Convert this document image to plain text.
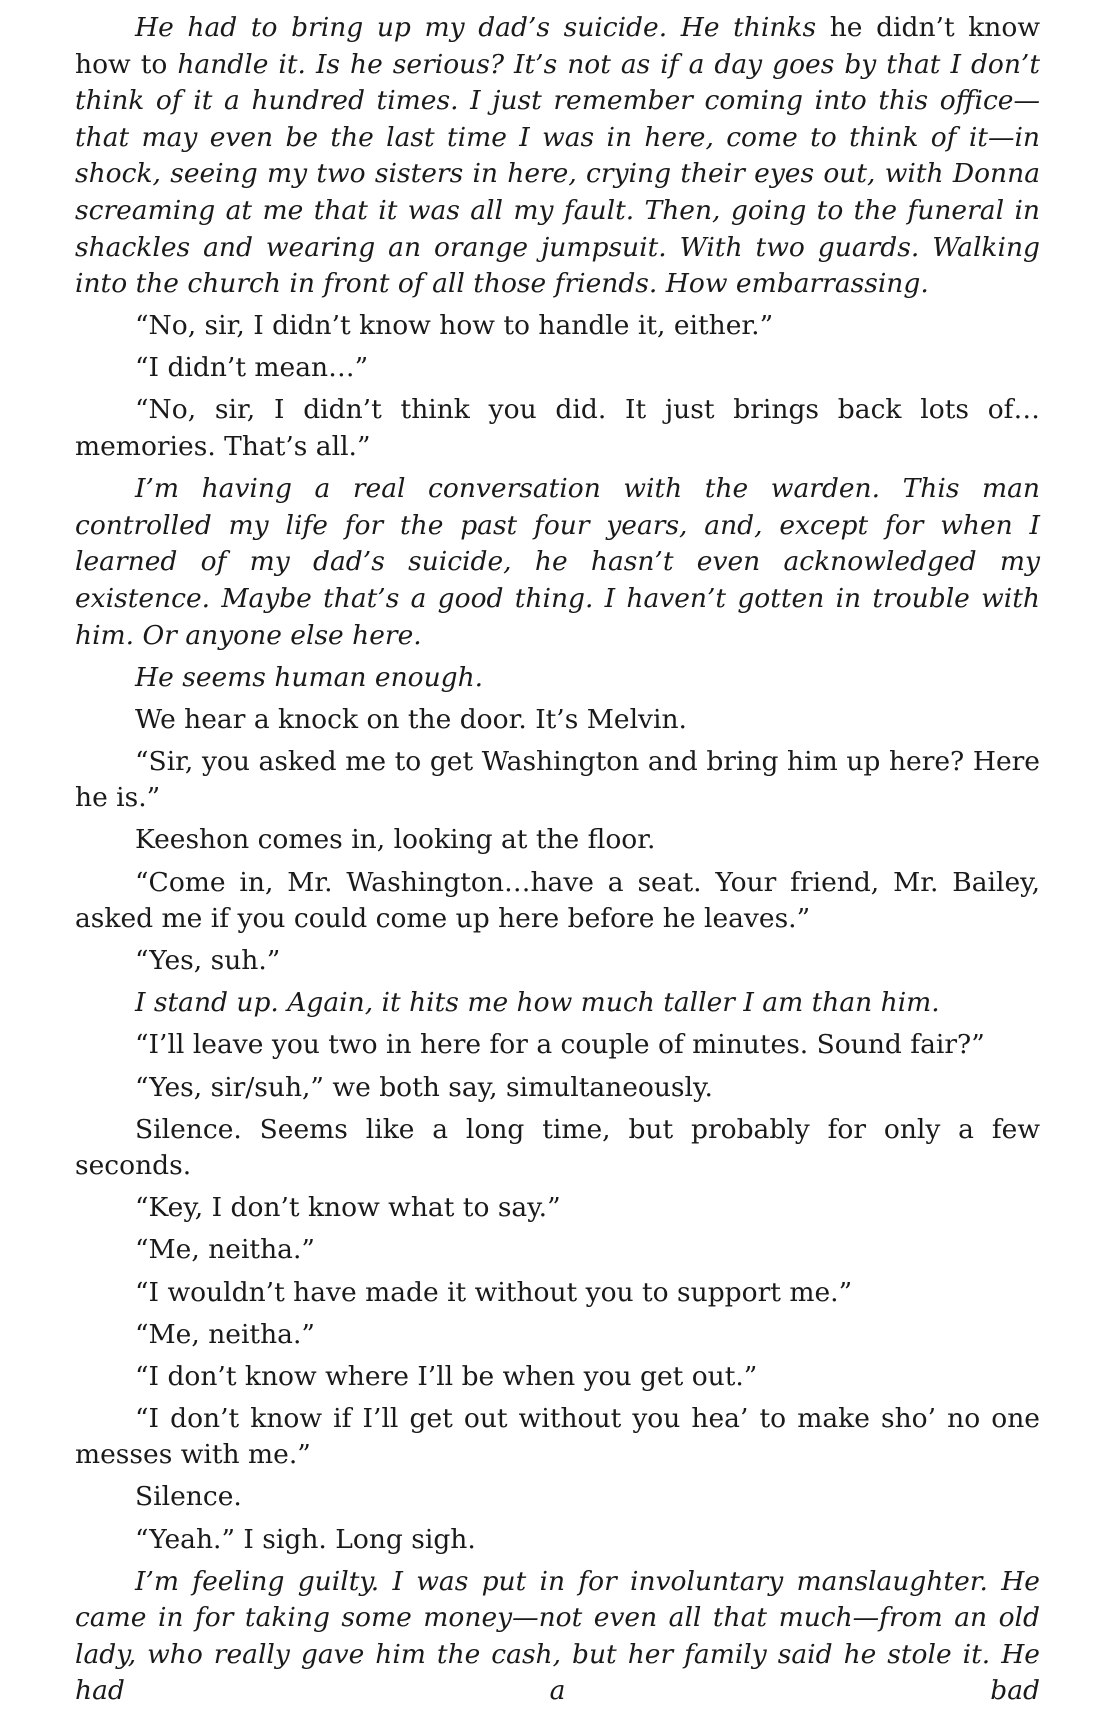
He had to bring up my dad’s suicide. He thinks he didn’t know how to handle it. Is he serious? It’s not as if a day goes by that I don’t think of it a hundred times. I just remember coming into this office—that may even be the last time I was in here, come to think of it—in shock, seeing my two sisters in here, crying their eyes out, with Donna screaming at me that it was all my fault. Then, going to the funeral in shackles and wearing an orange jumpsuit. With two guards. Walking into the church in front of all those friends. How embarrassing.

“No, sir, I didn’t know how to handle it, either.”

“I didn’t mean…”

“No, sir, I didn’t think you did. It just brings back lots of… memories. That’s all.”

I’m having a real conversation with the warden. This man controlled my life for the past four years, and, except for when I learned of my dad’s suicide, he hasn’t even acknowledged my existence. Maybe that’s a good thing. I haven’t gotten in trouble with him. Or anyone else here.

He seems human enough.

We hear a knock on the door. It’s Melvin.

“Sir, you asked me to get Washington and bring him up here? Here he is.”

Keeshon comes in, looking at the floor.

“Come in, Mr. Washington…have a seat. Your friend, Mr. Bailey, asked me if you could come up here before he leaves.”

“Yes, suh.”

I stand up. Again, it hits me how much taller I am than him.

“I’ll leave you two in here for a couple of minutes. Sound fair?”

“Yes, sir/suh,” we both say, simultaneously.

Silence. Seems like a long time, but probably for only a few seconds.

“Key, I don’t know what to say.”

“Me, neitha.”

“I wouldn’t have made it without you to support me.”

“Me, neitha.”

“I don’t know where I’ll be when you get out.”

“I don’t know if I’ll get out without you hea’ to make sho’ no one messes with me.”

Silence.

“Yeah.” I sigh. Long sigh.

I’m feeling guilty. I was put in for involuntary manslaughter. He came in for taking some money—not even all that much—from an old lady, who really gave him the cash, but her family said he stole it. He had a bad
